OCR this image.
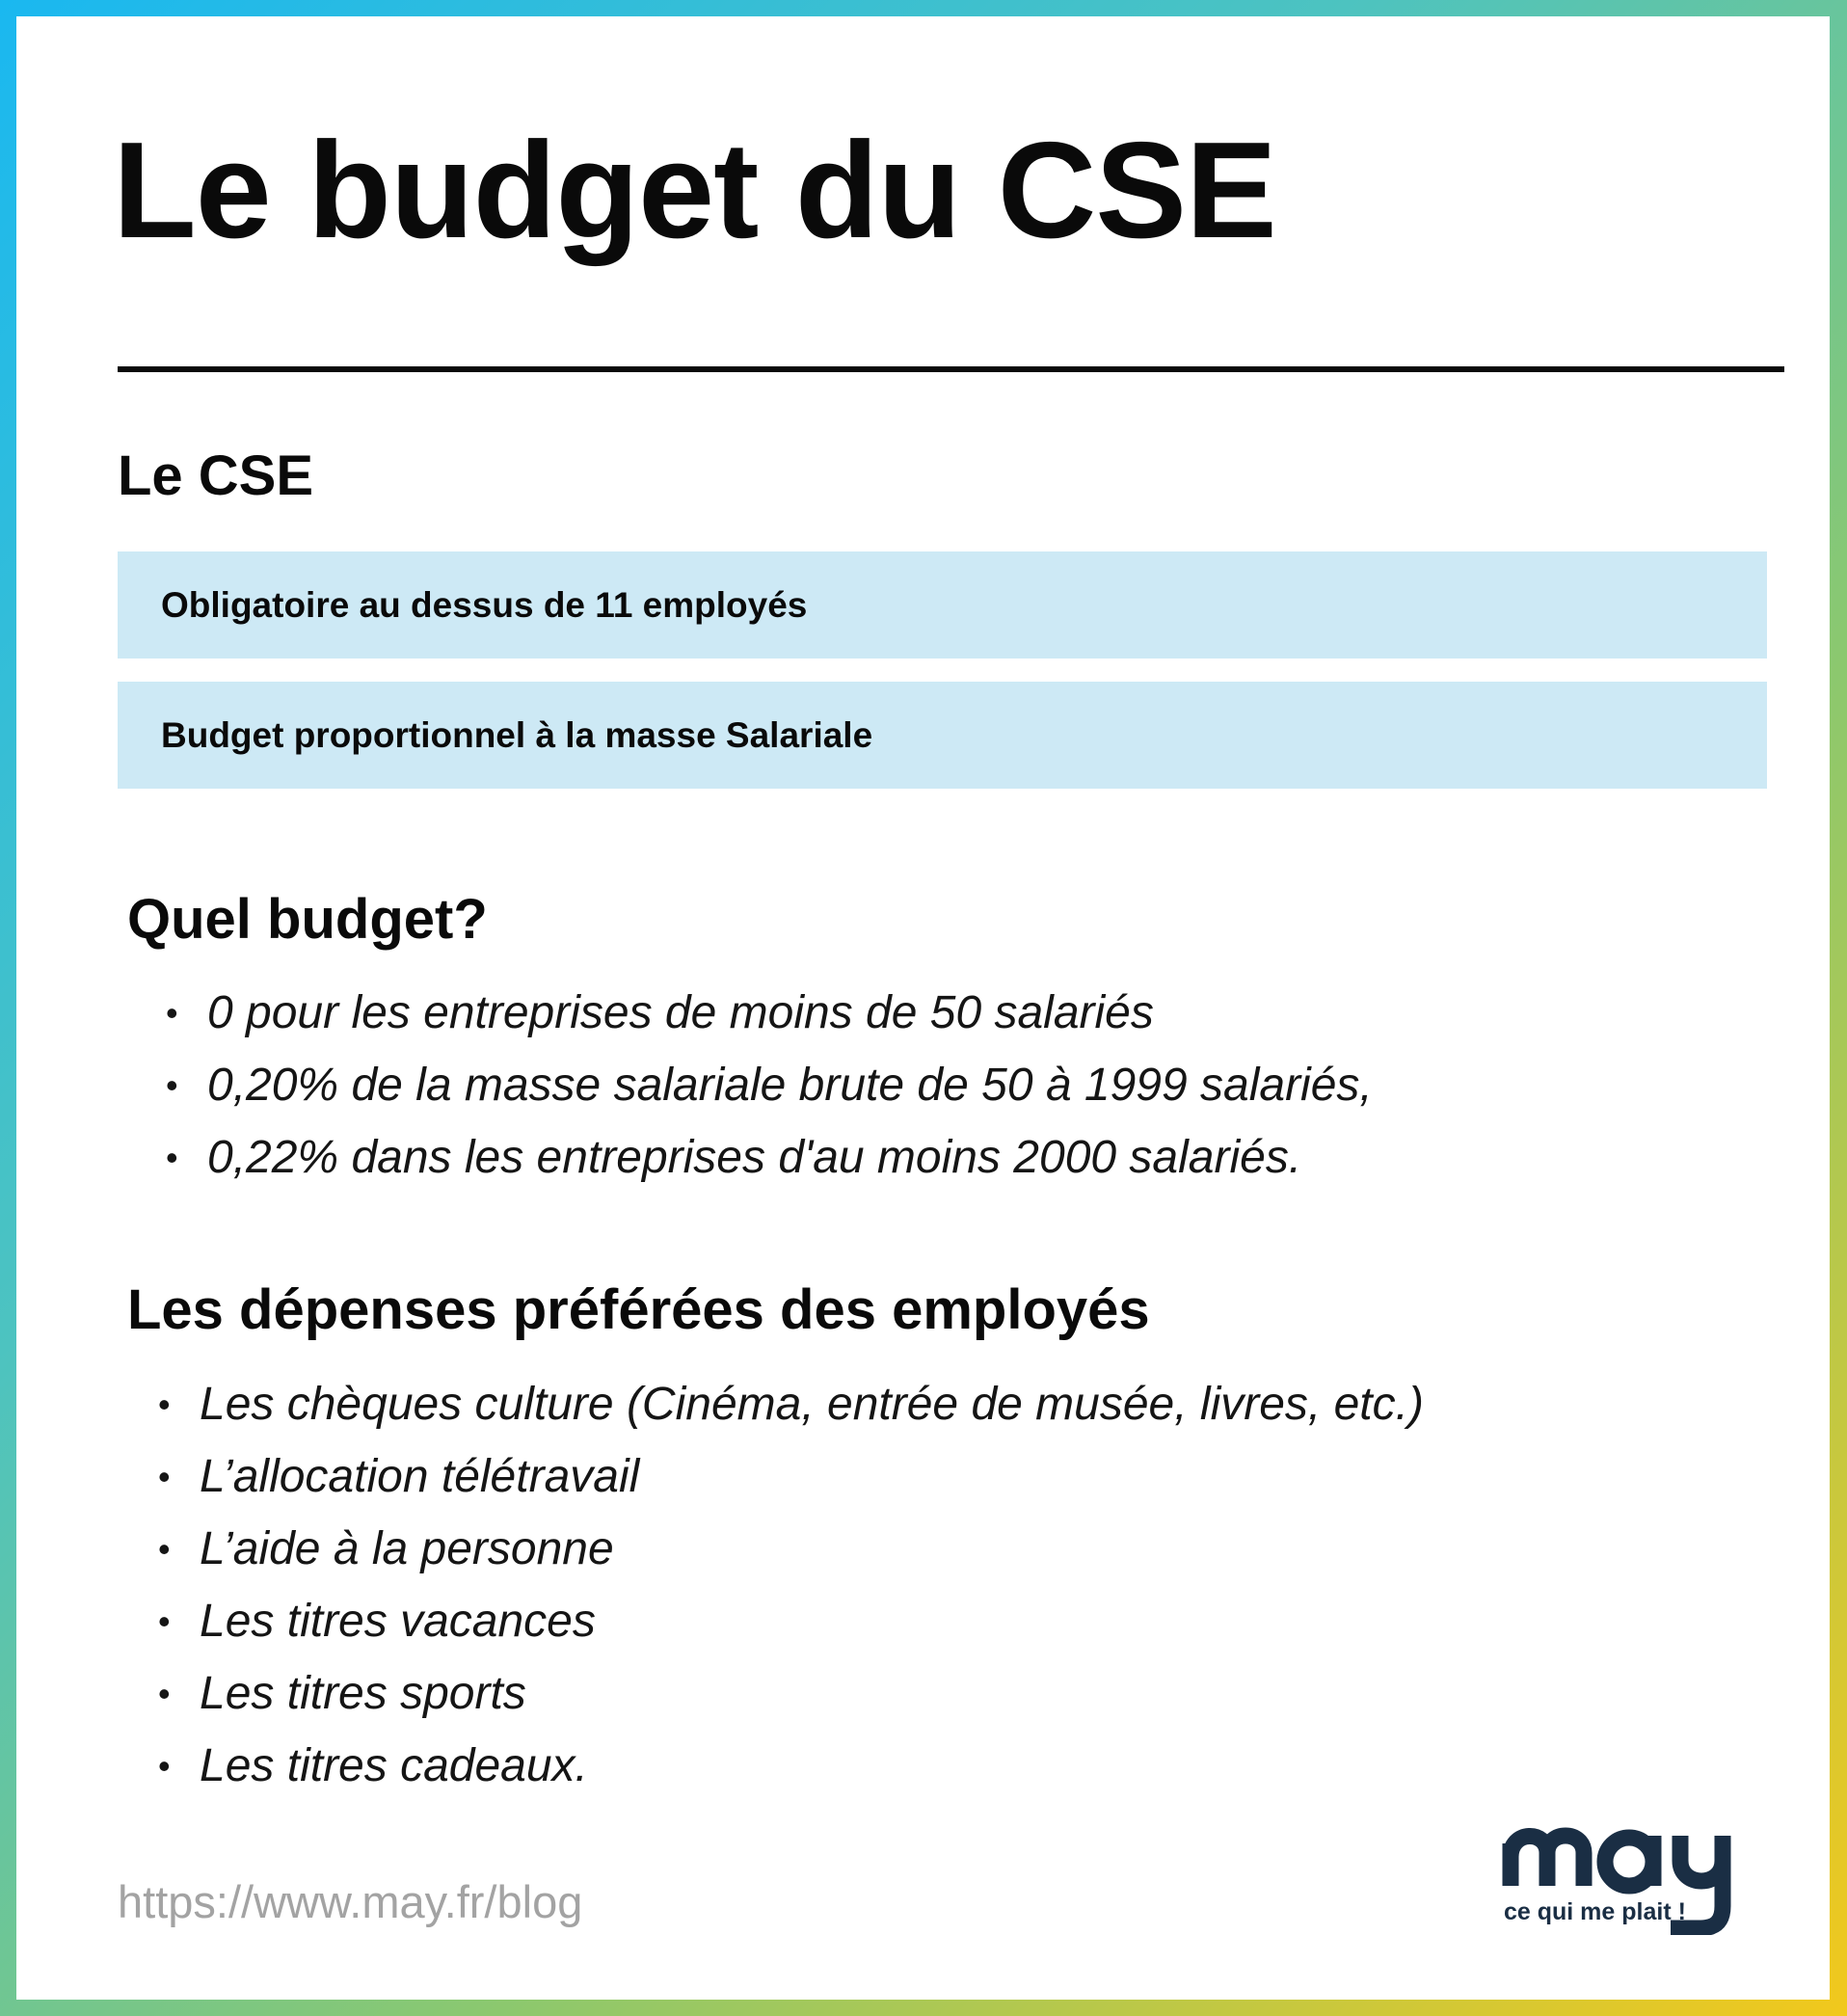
Le budget du CSE
Le CSE
Obligatoire au dessus de 11 employés
Budget proportionnel à la masse Salariale
Quel budget?
• 0 pour les entreprises de moins de 50 salariés
• 0,20% de la masse salariale brute de 50 à 1999 salariés,
• 0,22% dans les entreprises d'au moins 2000 salariés.
Les dépenses préférées des employés
• Les chèques culture (Cinéma, entrée de musée, livres, etc.)
• L’allocation télétravail
• L’aide à la personne
• Les titres vacances
• Les titres sports
• Les titres cadeaux.
https://www.may.fr/blog	ce qui me plait !
